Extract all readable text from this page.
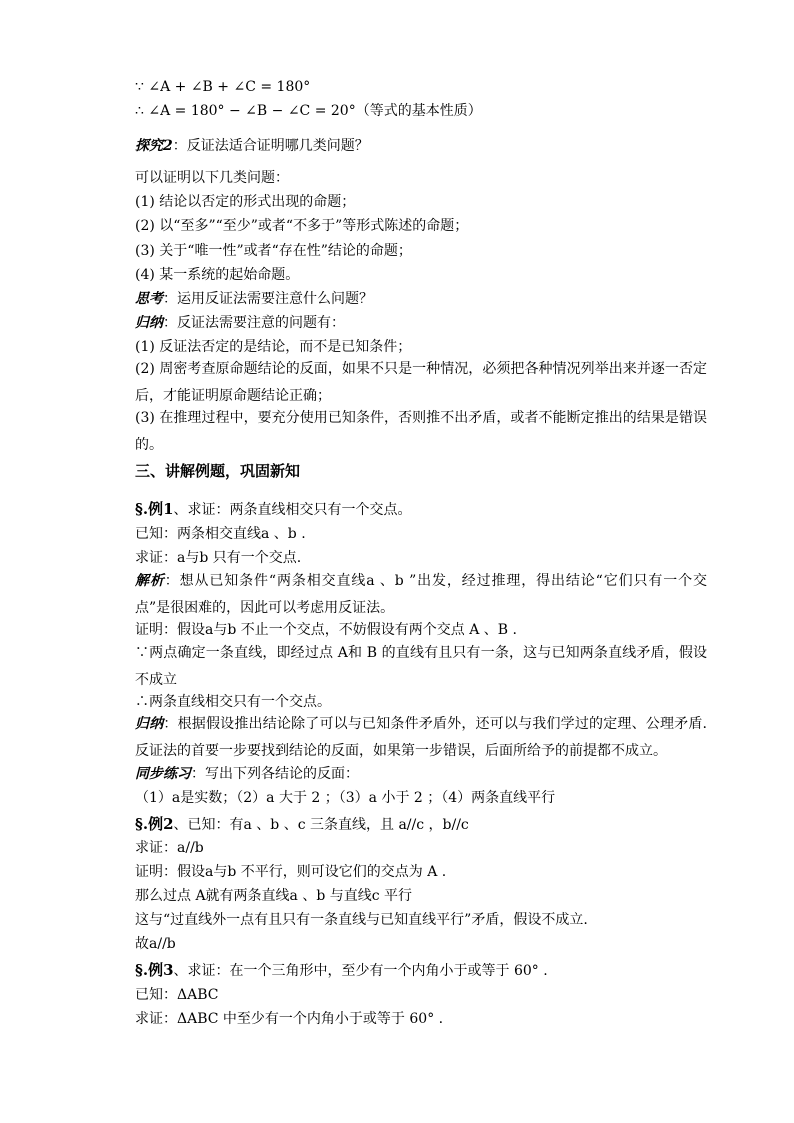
∵ ∠A + ∠B + ∠C = 180°
∴ ∠A = 180° − ∠B − ∠C = 20°（等式的基本性质）
探究2：反证法适合证明哪几类问题？
可以证明以下几类问题：
(1) 结论以否定的形式出现的命题；
(2) 以“至多”“至少”或者“不多于”等形式陈述的命题；
(3) 关于“唯一性”或者“存在性”结论的命题；
(4) 某一系统的起始命题。
思考：运用反证法需要注意什么问题？
归纳：反证法需要注意的问题有：
(1) 反证法否定的是结论，而不是已知条件；
(2) 周密考查原命题结论的反面，如果不只是一种情况，必须把各种情况列举出来并逐一否定后，才能证明原命题结论正确；
(3) 在推理过程中，要充分使用已知条件，否则推不出矛盾，或者不能断定推出的结果是错误的。
三、讲解例题，巩固新知
§.例1、求证：两条直线相交只有一个交点。
已知：两条相交直线a 、b .
求证：a与b 只有一个交点.
解析：想从已知条件“两条相交直线a 、b ”出发，经过推理，得出结论“它们只有一个交点”是很困难的，因此可以考虑用反证法。
证明：假设a与b 不止一个交点，不妨假设有两个交点 A 、B .
∵两点确定一条直线，即经过点 A和 B 的直线有且只有一条，这与已知两条直线矛盾，假设不成立
∴两条直线相交只有一个交点。
归纳：根据假设推出结论除了可以与已知条件矛盾外，还可以与我们学过的定理、公理矛盾.反证法的首要一步要找到结论的反面，如果第一步错误，后面所给予的前提都不成立。
同步练习：写出下列各结论的反面：
（1）a是实数；（2）a 大于 2 ；（3）a 小于 2 ；（4）两条直线平行
§.例2、已知：有a 、b 、c 三条直线，且 a//c ，b//c
求证：a//b
证明：假设a与b 不平行，则可设它们的交点为 A .
那么过点 A就有两条直线a 、b 与直线c 平行
这与“过直线外一点有且只有一条直线与已知直线平行”矛盾，假设不成立.
故a//b
§.例3、求证：在一个三角形中，至少有一个内角小于或等于 60° .
已知：ΔABC
求证：ΔABC 中至少有一个内角小于或等于 60° .
